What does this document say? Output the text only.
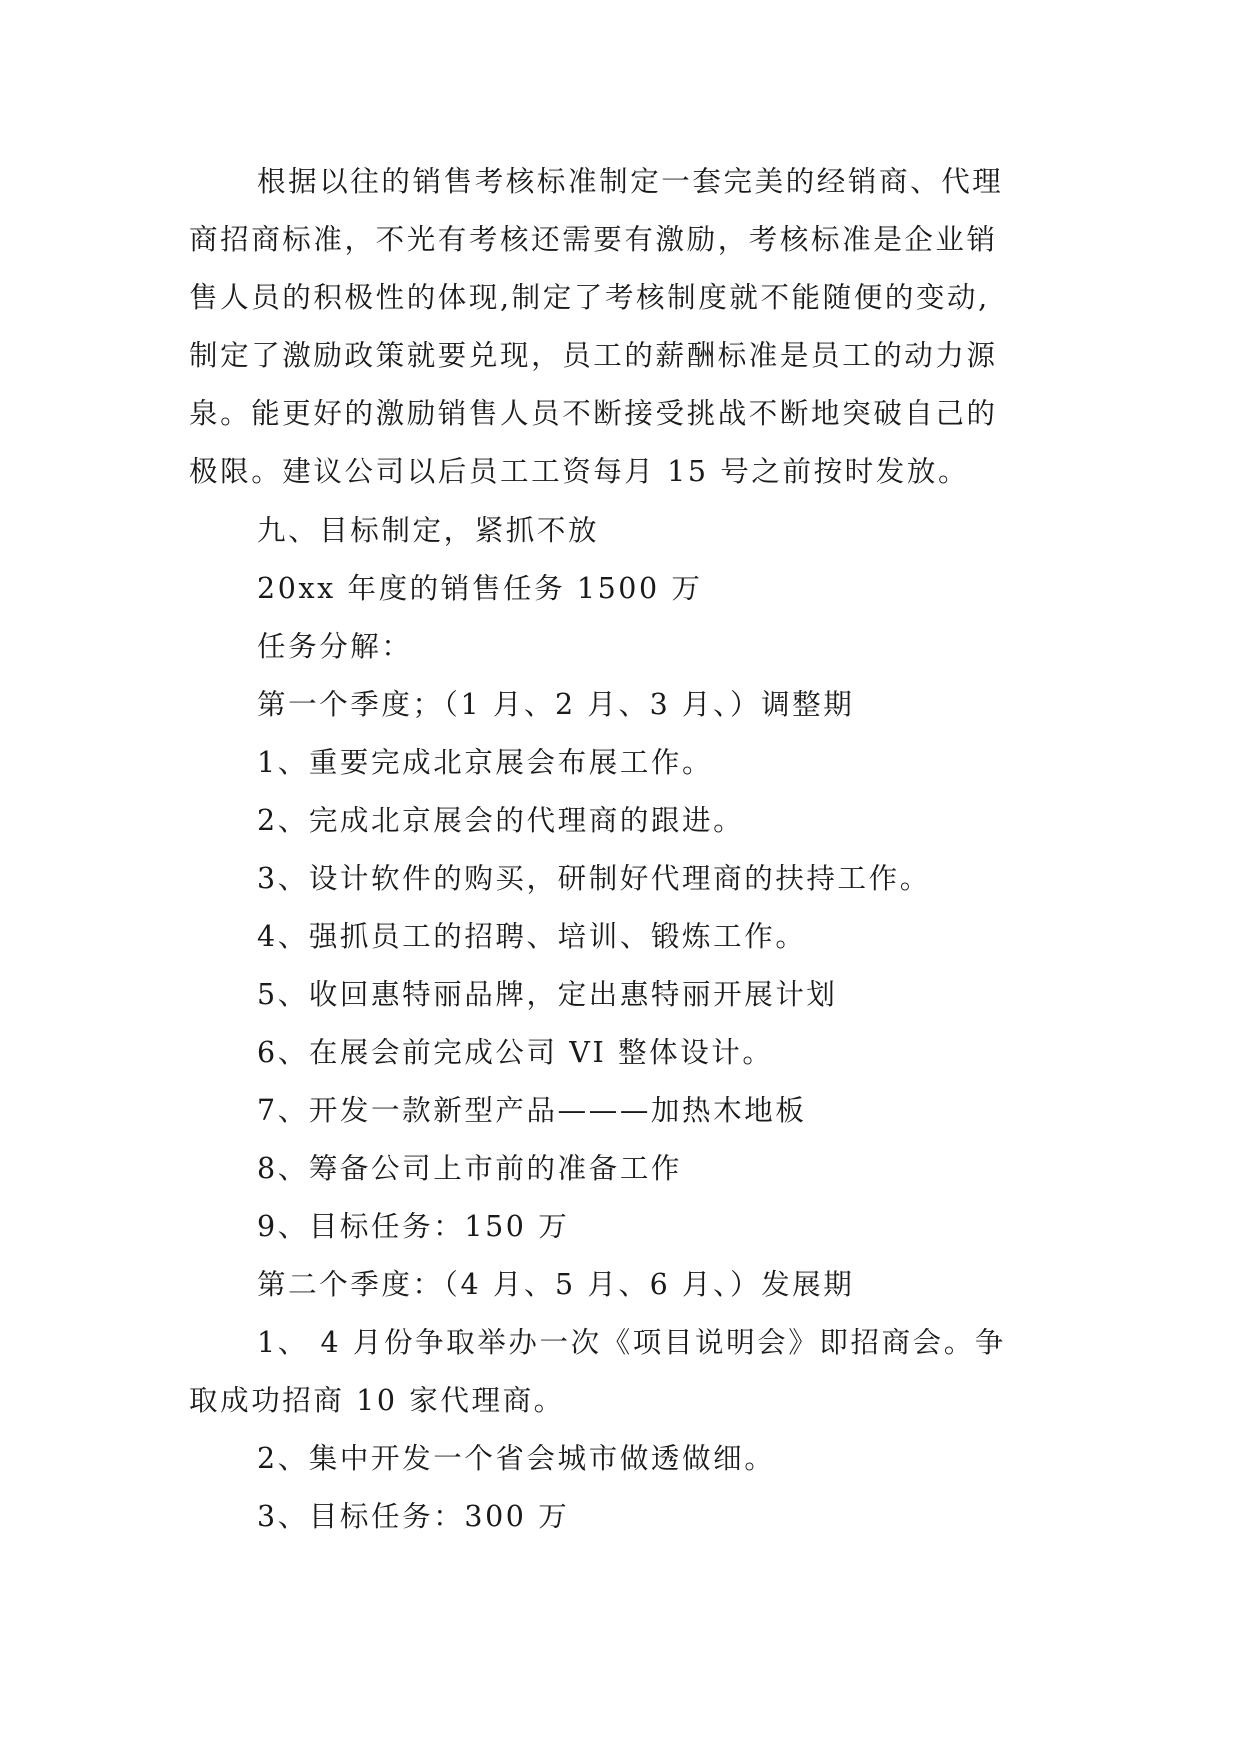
根据以往的销售考核标准制定一套完美的经销商、代理
商招商标准，不光有考核还需要有激励，考核标准是企业销
售人员的积极性的体现,制定了考核制度就不能随便的变动,
制定了激励政策就要兑现，员工的薪酬标准是员工的动力源
泉。能更好的激励销售人员不断接受挑战不断地突破自己的
极限。建议公司以后员工工资每月 15 号之前按时发放。
九、目标制定，紧抓不放
20xx 年度的销售任务 1500 万
任务分解：
第一个季度；（1 月、2 月、3 月、）调整期
1、重要完成北京展会布展工作。
2、完成北京展会的代理商的跟进。
3、设计软件的购买，研制好代理商的扶持工作。
4、强抓员工的招聘、培训、锻炼工作。
5、收回惠特丽品牌，定出惠特丽开展计划
6、在展会前完成公司 VI 整体设计。
7、开发一款新型产品———加热木地板
8、筹备公司上市前的准备工作
9、目标任务：150 万
第二个季度：（4 月、5 月、6 月、）发展期
1、 4 月份争取举办一次《项目说明会》即招商会。争
取成功招商 10 家代理商。
2、集中开发一个省会城市做透做细。
3、目标任务：300 万
